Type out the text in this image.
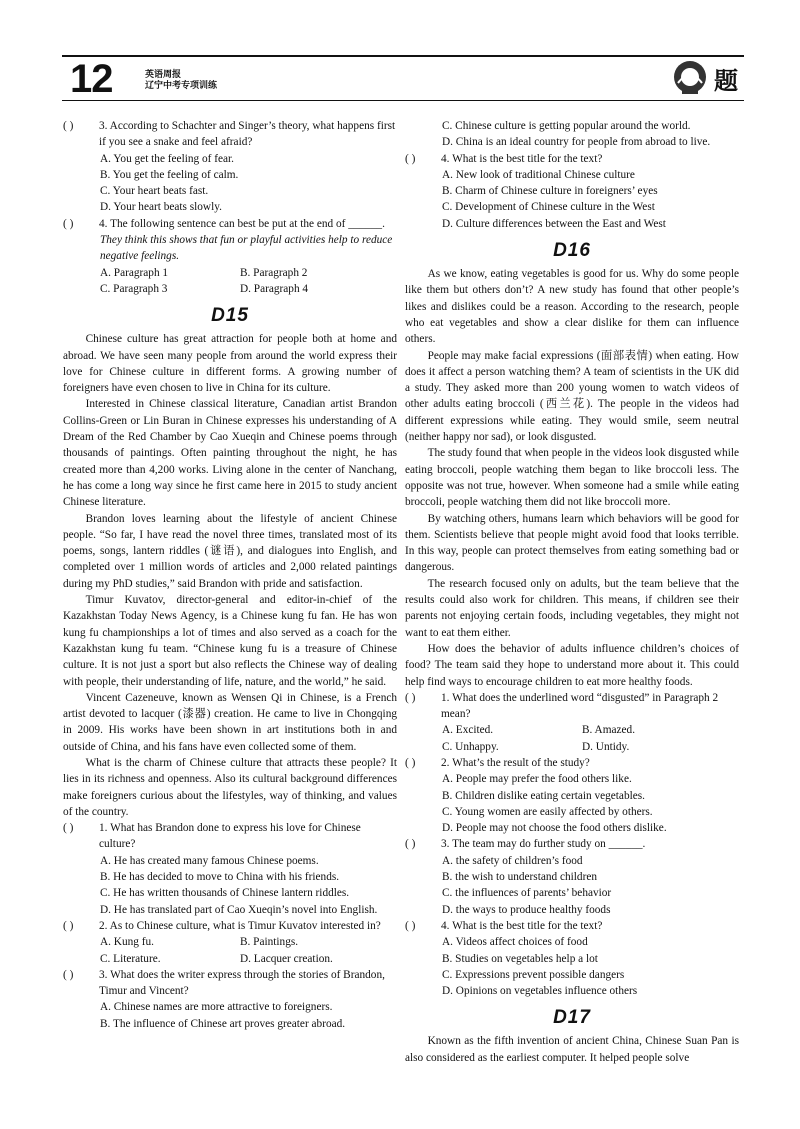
12	英语周报
辽宁中考专项训练	题
( )	3. According to Schachter and Singer’s theory, what happens first if you see a snake and feel afraid?
A. You get the feeling of fear.
B. You get the feeling of calm.
C. Your heart beats fast.
D. Your heart beats slowly.
( )	4. The following sentence can best be put at the end of ______.
They think this shows that fun or playful activities help to reduce negative feelings.
A. Paragraph 1	B. Paragraph 2
C. Paragraph 3	D. Paragraph 4
D15

Chinese culture has great attraction for people both at home and abroad. We have seen many people from around the world express their love for Chinese culture in different forms. A growing number of foreigners have even chosen to live in China for its culture.

Interested in Chinese classical literature, Canadian artist Brandon Collins-Green or Lin Buran in Chinese expresses his understanding of A Dream of the Red Chamber by Cao Xueqin and Chinese poems through thousands of paintings. Often painting throughout the night, he has created more than 4,200 works. Living alone in the center of Nanchang, he has come a long way since he first came here in 2015 to study ancient Chinese literature.

Brandon loves learning about the lifestyle of ancient Chinese people. “So far, I have read the novel three times, translated most of its poems, songs, lantern riddles (谜语), and dialogues into English, and completed over 1 million words of articles and 2,000 related paintings during my PhD studies,” said Brandon with pride and satisfaction.

Timur Kuvatov, director-general and editor-in-chief of the Kazakhstan Today News Agency, is a Chinese kung fu fan. He has won kung fu championships a lot of times and also served as a coach for the Kazakhstan kung fu team. “Chinese kung fu is a treasure of Chinese culture. It is not just a sport but also reflects the Chinese way of dealing with people, their understanding of life, nature, and the world,” he said.

Vincent Cazeneuve, known as Wensen Qi in Chinese, is a French artist devoted to lacquer (漆器) creation. He came to live in Chongqing in 2009. His works have been shown in art institutions both in and outside of China, and his fans have even collected some of them.

What is the charm of Chinese culture that attracts these people? It lies in its richness and openness. Also its cultural background differences make foreigners curious about the lifestyles, way of thinking, and values of the country.

( )	1. What has Brandon done to express his love for Chinese culture?
A. He has created many famous Chinese poems.
B. He has decided to move to China with his friends.
C. He has written thousands of Chinese lantern riddles.
D. He has translated part of Cao Xueqin’s novel into English.
( )	2. As to Chinese culture, what is Timur Kuvatov interested in?
A. Kung fu.	B. Paintings.
C. Literature.	D. Lacquer creation.
( )	3. What does the writer express through the stories of Brandon, Timur and Vincent?
A. Chinese names are more attractive to foreigners.
B. The influence of Chinese art proves greater abroad.
C. Chinese culture is getting popular around the world.
D. China is an ideal country for people from abroad to live.
( )	4. What is the best title for the text?
A. New look of traditional Chinese culture
B. Charm of Chinese culture in foreigners’ eyes
C. Development of Chinese culture in the West
D. Culture differences between the East and West
D16

As we know, eating vegetables is good for us. Why do some people like them but others don’t? A new study has found that other people’s likes and dislikes could be a reason. According to the research, people who eat vegetables and show a clear dislike for them can influence others.

People may make facial expressions (面部表情) when eating. How does it affect a person watching them? A team of scientists in the UK did a study. They asked more than 200 young women to watch videos of other adults eating broccoli (西兰花). The people in the videos had different expressions while eating. They would smile, seem neutral (neither happy nor sad), or look disgusted.

The study found that when people in the videos look disgusted while eating broccoli, people watching them began to like broccoli less. The opposite was not true, however. When someone had a smile while eating broccoli, people watching them did not like broccoli more.

By watching others, humans learn which behaviors will be good for them. Scientists believe that people might avoid food that looks terrible. In this way, people can protect themselves from eating something bad or dangerous.

The research focused only on adults, but the team believe that the results could also work for children. This means, if children see their parents not enjoying certain foods, including vegetables, they might not want to eat them either.

How does the behavior of adults influence children’s choices of food? The team said they hope to understand more about it. This could help find ways to encourage children to eat more healthy foods.

( )	1. What does the underlined word “disgusted” in Paragraph 2 mean?
A. Excited.	B. Amazed.
C. Unhappy.	D. Untidy.
( )	2. What’s the result of the study?
A. People may prefer the food others like.
B. Children dislike eating certain vegetables.
C. Young women are easily affected by others.
D. People may not choose the food others dislike.
( )	3. The team may do further study on ______.
A. the safety of children’s food
B. the wish to understand children
C. the influences of parents’ behavior
D. the ways to produce healthy foods
( )	4. What is the best title for the text?
A. Videos affect choices of food
B. Studies on vegetables help a lot
C. Expressions prevent possible dangers
D. Opinions on vegetables influence others
D17

Known as the fifth invention of ancient China, Chinese Suan Pan is also considered as the earliest computer. It helped people solve
